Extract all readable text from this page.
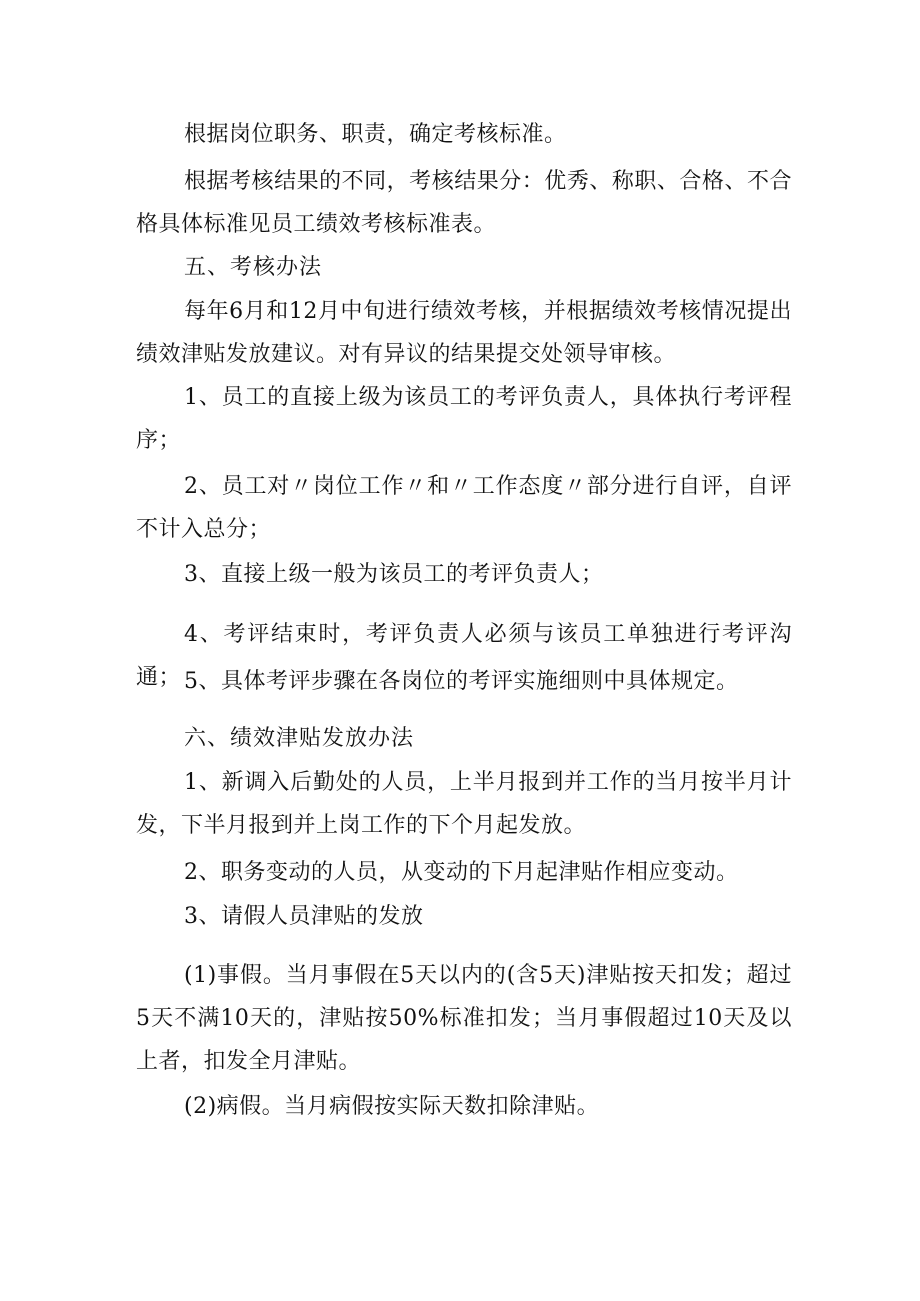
根据岗位职务、职责，确定考核标准。

根据考核结果的不同，考核结果分：优秀、称职、合格、不合格具体标准见员工绩效考核标准表。

五、考核办法

每年6月和12月中旬进行绩效考核，并根据绩效考核情况提出绩效津贴发放建议。对有异议的结果提交处领导审核。

1、员工的直接上级为该员工的考评负责人，具体执行考评程序；

2、员工对〃岗位工作〃和〃工作态度〃部分进行自评，自评不计入总分；

3、直接上级一般为该员工的考评负责人；

4、考评结束时，考评负责人必须与该员工单独进行考评沟通； 5、具体考评步骤在各岗位的考评实施细则中具体规定。

六、绩效津贴发放办法

1、新调入后勤处的人员，上半月报到并工作的当月按半月计发，下半月报到并上岗工作的下个月起发放。

2、职务变动的人员，从变动的下月起津贴作相应变动。

3、请假人员津贴的发放

(1)事假。当月事假在5天以内的(含5天)津贴按天扣发；超过5天不满10天的，津贴按50%标准扣发；当月事假超过10天及以上者，扣发全月津贴。

(2)病假。当月病假按实际天数扣除津贴。
